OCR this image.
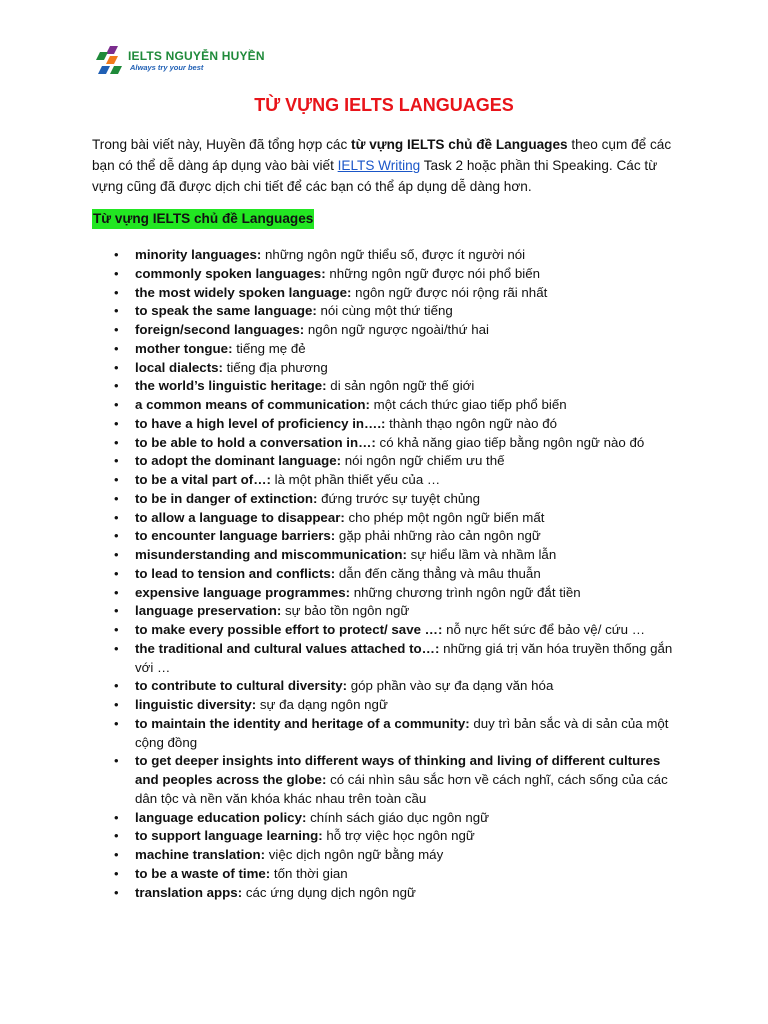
IELTS NGUYỄN HUYỀN
Always try your best
TỪ VỰNG IELTS LANGUAGES

Trong bài viết này, Huyền đã tổng hợp các từ vựng IELTS chủ đề Languages theo cụm để các bạn có thể dễ dàng áp dụng vào bài viết IELTS Writing Task 2 hoặc phần thi Speaking. Các từ vựng cũng đã được dịch chi tiết để các bạn có thể áp dụng dễ dàng hơn.

Từ vựng IELTS chủ đề Languages

• minority languages: những ngôn ngữ thiểu số, được ít người nói
• commonly spoken languages: những ngôn ngữ được nói phổ biến
• the most widely spoken language: ngôn ngữ được nói rộng rãi nhất
• to speak the same language: nói cùng một thứ tiếng
• foreign/second languages: ngôn ngữ ngược ngoài/thứ hai
• mother tongue: tiếng mẹ đẻ
• local dialects: tiếng địa phương
• the world’s linguistic heritage: di sản ngôn ngữ thế giới
• a common means of communication: một cách thức giao tiếp phổ biến
• to have a high level of proficiency in….: thành thạo ngôn ngữ nào đó
• to be able to hold a conversation in…: có khả năng giao tiếp bằng ngôn ngữ nào đó
• to adopt the dominant language: nói ngôn ngữ chiếm ưu thế
• to be a vital part of…: là một phần thiết yếu của …
• to be in danger of extinction: đứng trước sự tuyệt chủng
• to allow a language to disappear: cho phép một ngôn ngữ biến mất
• to encounter language barriers: gặp phải những rào cản ngôn ngữ
• misunderstanding and miscommunication: sự hiểu lầm và nhầm lẫn
• to lead to tension and conflicts: dẫn đến căng thẳng và mâu thuẫn
• expensive language programmes: những chương trình ngôn ngữ đắt tiền
• language preservation: sự bảo tồn ngôn ngữ
• to make every possible effort to protect/ save …: nỗ nực hết sức để bảo vệ/ cứu …
• the traditional and cultural values attached to…: những giá trị văn hóa truyền thống gắn với …
• to contribute to cultural diversity: góp phần vào sự đa dạng văn hóa
• linguistic diversity: sự đa dạng ngôn ngữ
• to maintain the identity and heritage of a community: duy trì bản sắc và di sản của một cộng đồng
• to get deeper insights into different ways of thinking and living of different cultures and peoples across the globe: có cái nhìn sâu sắc hơn về cách nghĩ, cách sống của các dân tộc và nền văn khóa khác nhau trên toàn cầu
• language education policy: chính sách giáo dục ngôn ngữ
• to support language learning: hỗ trợ việc học ngôn ngữ
• machine translation: việc dịch ngôn ngữ bằng máy
• to be a waste of time: tốn thời gian
• translation apps: các ứng dụng dịch ngôn ngữ
